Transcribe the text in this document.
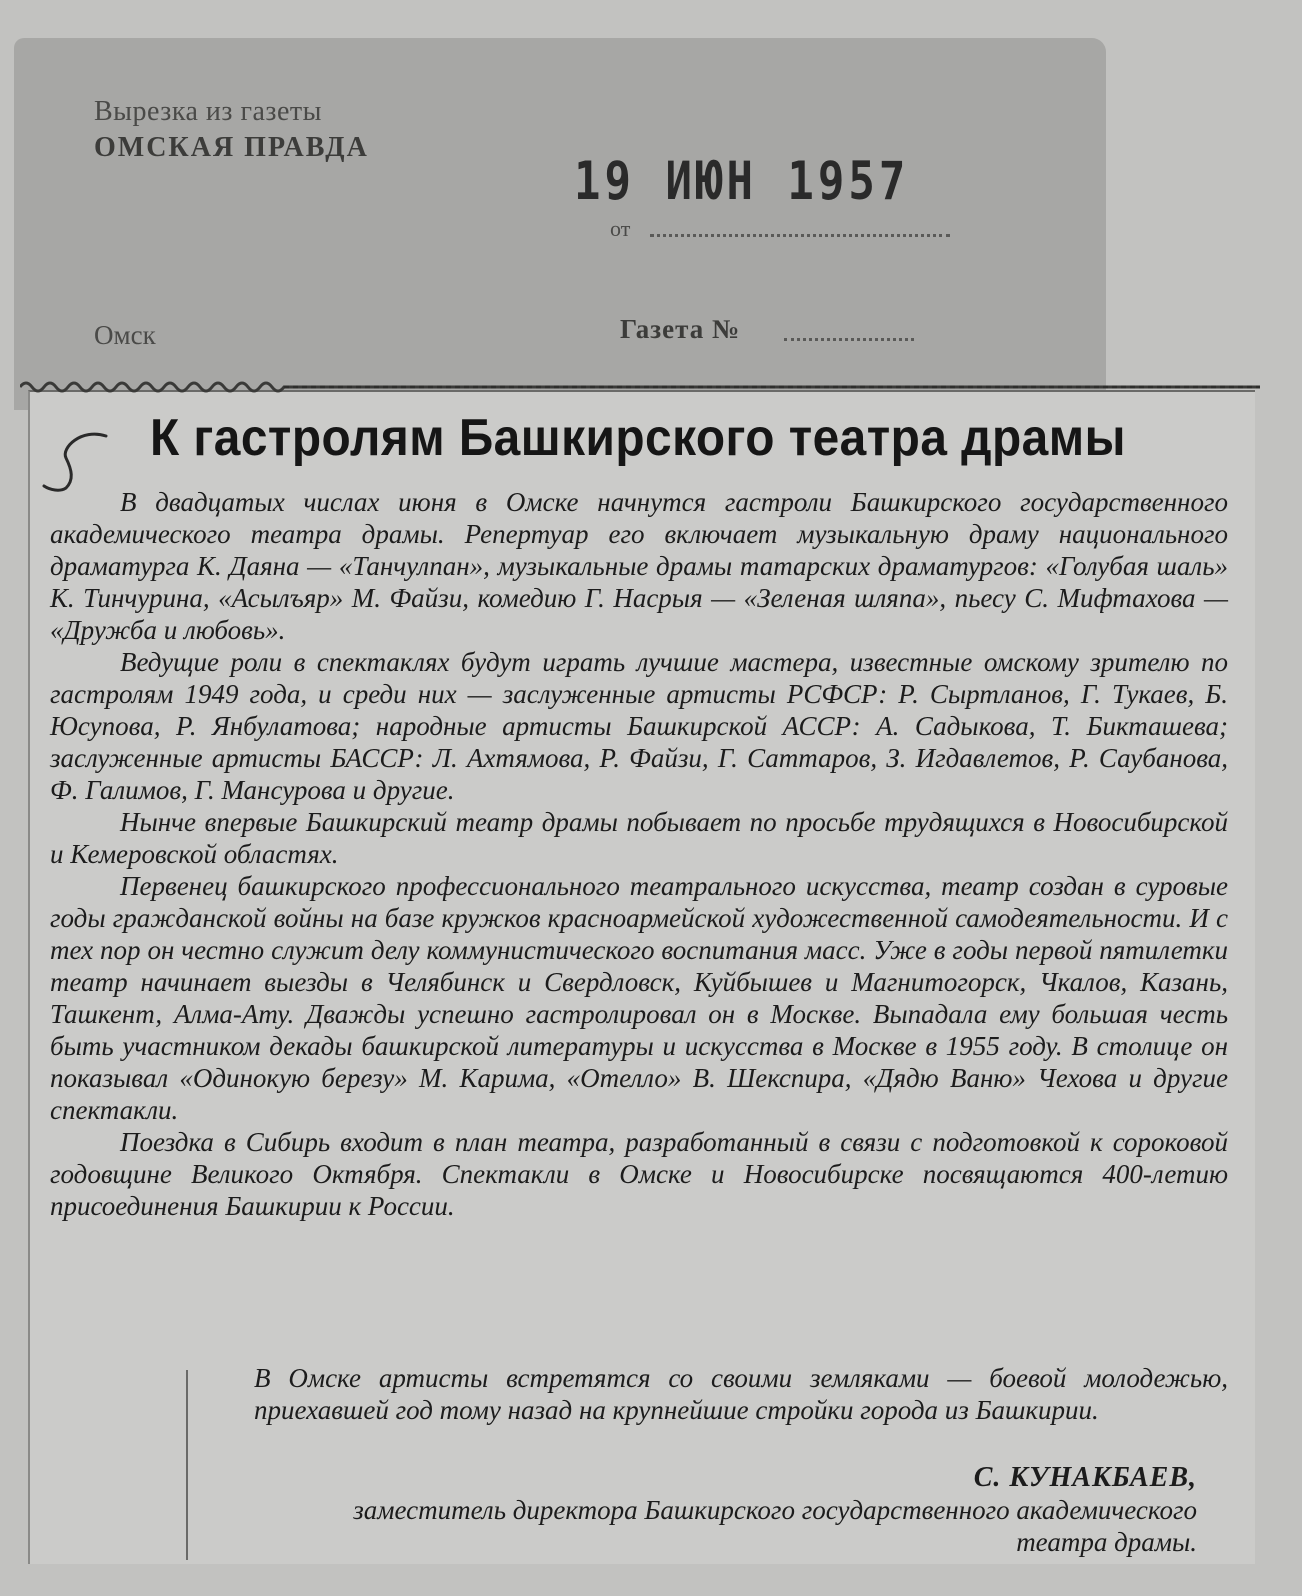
Вырезка из газеты
ОМСКАЯ ПРАВДА
19 ИЮН 1957
от
Омск	Газета №
К гастролям Башкирского театра драмы

В двадцатых числах июня в Омске начнутся гастроли Башкирского государственного академического театра драмы. Репертуар его включает музыкальную драму национального драматурга К. Даяна — «Танчулпан», музыкальные драмы татарских драматургов: «Голубая шаль» К. Тинчурина, «Асылъяр» М. Файзи, комедию Г. Насрыя — «Зеленая шляпа», пьесу С. Мифтахова — «Дружба и любовь».

Ведущие роли в спектаклях будут играть лучшие мастера, известные омскому зрителю по гастролям 1949 года, и среди них — заслуженные артисты РСФСР: Р. Сыртланов, Г. Тукаев, Б. Юсупова, Р. Янбулатова; народные артисты Башкирской АССР: А. Садыкова, Т. Бикташева; заслуженные артисты БАССР: Л. Ахтямова, Р. Файзи, Г. Саттаров, З. Игдавлетов, Р. Саубанова, Ф. Галимов, Г. Мансурова и другие.

Нынче впервые Башкирский театр драмы побывает по просьбе трудящихся в Новосибирской и Кемеровской областях.

Первенец башкирского профессионального театрального искусства, театр создан в суровые годы гражданской войны на базе кружков красноармейской художественной самодеятельности. И с тех пор он честно служит делу коммунистического воспитания масс. Уже в годы первой пятилетки театр начинает выезды в Челябинск и Свердловск, Куйбышев и Магнитогорск, Чкалов, Казань, Ташкент, Алма-Ату. Дважды успешно гастролировал он в Москве. Выпадала ему большая честь быть участником декады башкирской литературы и искусства в Москве в 1955 году. В столице он показывал «Одинокую березу» М. Карима, «Отелло» В. Шекспира, «Дядю Ваню» Чехова и другие спектакли.

Поездка в Сибирь входит в план театра, разработанный в связи с подготовкой к сороковой годовщине Великого Октября. Спектакли в Омске и Новосибирске посвящаются 400-летию присоединения Башкирии к России.

В Омске артисты встретятся со своими земляками — боевой молодежью, приехавшей год тому назад на крупнейшие стройки города из Башкирии.

С. КУНАКБАЕВ,
заместитель директора Башкирского государственного академического театра драмы.
